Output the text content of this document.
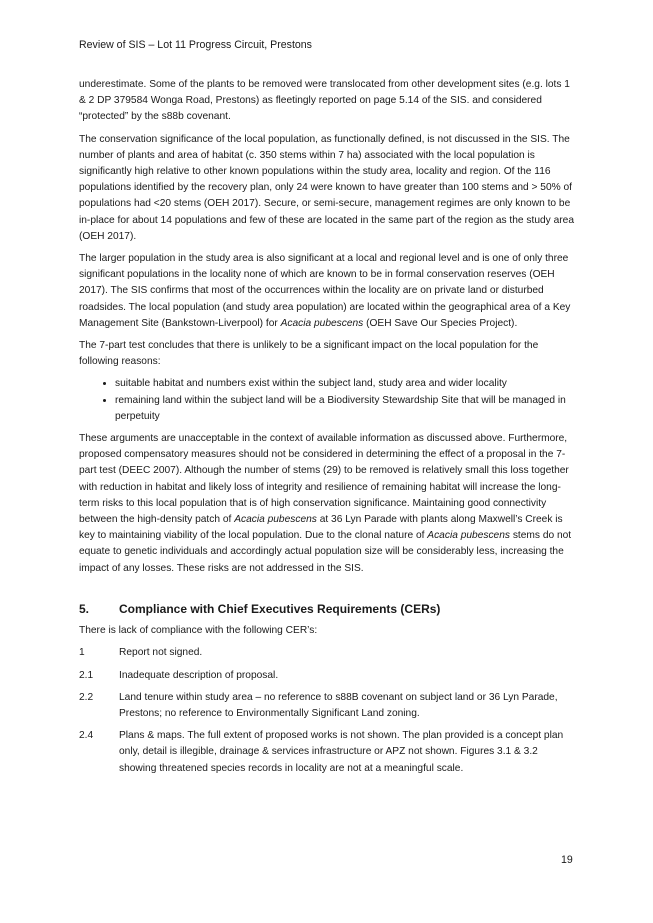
Review of SIS – Lot 11 Progress Circuit, Prestons

underestimate. Some of the plants to be removed were translocated from other development sites (e.g. lots 1 & 2 DP 379584 Wonga Road, Prestons) as fleetingly reported on page 5.14 of the SIS. and considered “protected” by the s88b covenant.

The conservation significance of the local population, as functionally defined, is not discussed in the SIS. The number of plants and area of habitat (c. 350 stems within 7 ha) associated with the local population is significantly high relative to other known populations within the study area, locality and region. Of the 116 populations identified by the recovery plan, only 24 were known to have greater than 100 stems and > 50% of populations had <20 stems (OEH 2017). Secure, or semi-secure, management regimes are only known to be in-place for about 14 populations and few of these are located in the same part of the region as the study area (OEH 2017).

The larger population in the study area is also significant at a local and regional level and is one of only three significant populations in the locality none of which are known to be in formal conservation reserves (OEH 2017). The SIS confirms that most of the occurrences within the locality are on private land or disturbed roadsides. The local population (and study area population) are located within the geographical area of a Key Management Site (Bankstown-Liverpool) for Acacia pubescens (OEH Save Our Species Project).

The 7-part test concludes that there is unlikely to be a significant impact on the local population for the following reasons:

• suitable habitat and numbers exist within the subject land, study area and wider locality
• remaining land within the subject land will be a Biodiversity Stewardship Site that will be managed in perpetuity

These arguments are unacceptable in the context of available information as discussed above. Furthermore, proposed compensatory measures should not be considered in determining the effect of a proposal in the 7-part test (DEEC 2007). Although the number of stems (29) to be removed is relatively small this loss together with reduction in habitat and likely loss of integrity and resilience of remaining habitat will increase the long-term risks to this local population that is of high conservation significance. Maintaining good connectivity between the high-density patch of Acacia pubescens at 36 Lyn Parade with plants along Maxwell’s Creek is key to maintaining viability of the local population. Due to the clonal nature of Acacia pubescens stems do not equate to genetic individuals and accordingly actual population size will be considerably less, increasing the impact of any losses. These risks are not addressed in the SIS.

5.	Compliance with Chief Executives Requirements (CERs)

There is lack of compliance with the following CER’s:

1	Report not signed.
2.1	Inadequate description of proposal.
2.2	Land tenure within study area – no reference to s88B covenant on subject land or 36 Lyn Parade, Prestons; no reference to Environmentally Significant Land zoning.
2.4	Plans & maps. The full extent of proposed works is not shown. The plan provided is a concept plan only, detail is illegible, drainage & services infrastructure or APZ not shown. Figures 3.1 & 3.2 showing threatened species records in locality are not at a meaningful scale.
19
